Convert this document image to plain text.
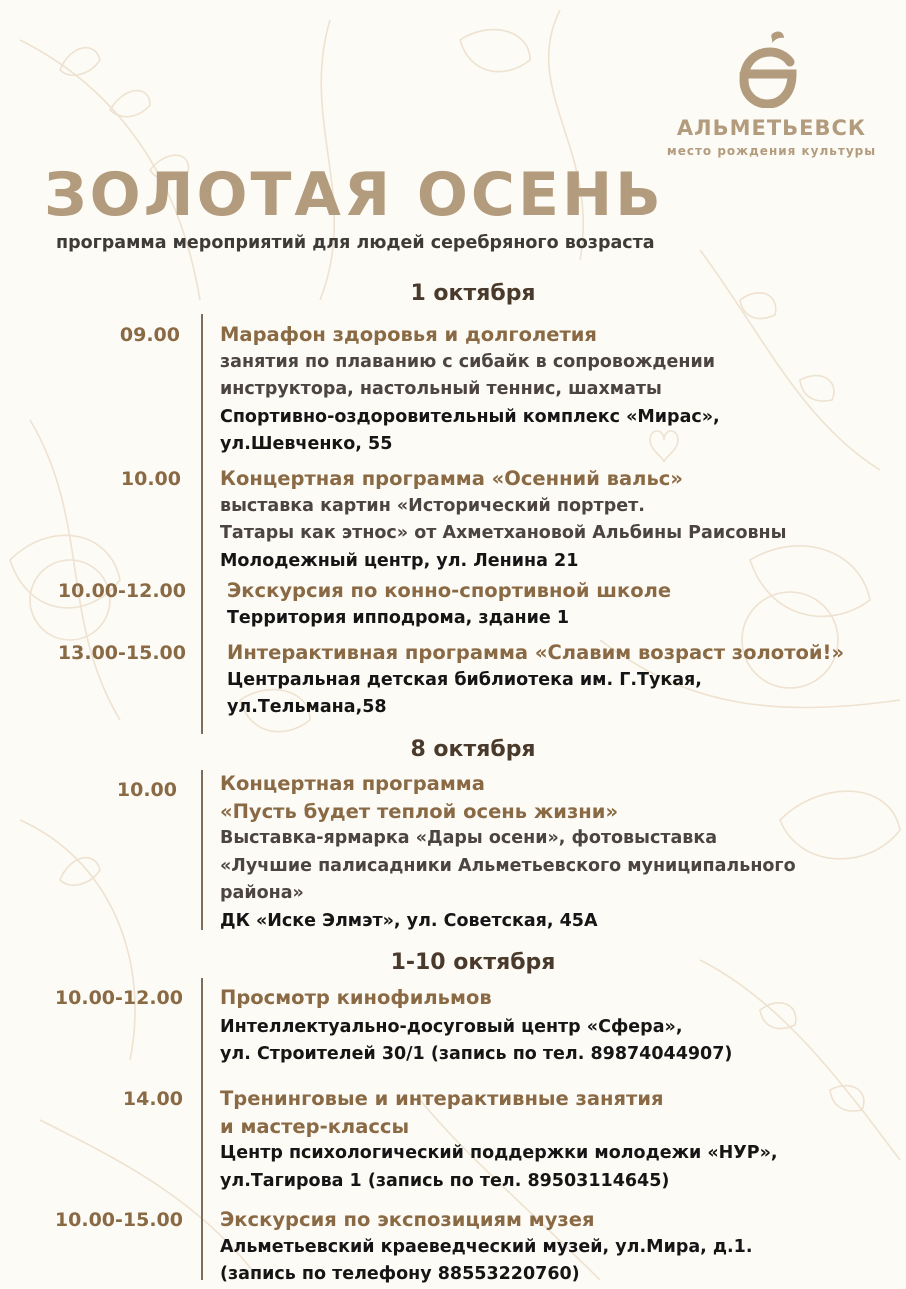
АЛЬМЕТЬЕВСК
место рождения культуры
ЗОЛОТАЯ ОСЕНЬ
программа мероприятий для людей серебряного возраста
1 октября
09.00 Марафон здоровья и долголетия
занятия по плаванию с сибайк в сопровождении
инструктора, настольный теннис, шахматы
Спортивно-оздоровительный комплекс «Мирас»,
ул.Шевченко, 55
10.00 Концертная программа «Осенний вальс»
выставка картин «Исторический портрет.
Татары как этнос» от Ахметхановой Альбины Раисовны
Молодежный центр, ул. Ленина 21
10.00-12.00 Экскурсия по конно-спортивной школе
Территория ипподрома, здание 1
13.00-15.00 Интерактивная программа «Славим возраст золотой!»
Центральная детская библиотека им. Г.Тукая,
ул.Тельмана,58
8 октября
10.00 Концертная программа
«Пусть будет теплой осень жизни»
Выставка-ярмарка «Дары осени», фотовыставка
«Лучшие палисадники Альметьевского муниципального
района»
ДК «Иске Элмэт», ул. Советская, 45А
1-10 октября
10.00-12.00 Просмотр кинофильмов
Интеллектуально-досуговый центр «Сфера»,
ул. Строителей 30/1 (запись по тел. 89874044907)
14.00 Тренинговые и интерактивные занятия
и мастер-классы
Центр психологический поддержки молодежи «НУР»,
ул.Тагирова 1 (запись по тел. 89503114645)
10.00-15.00 Экскурсия по экспозициям музея
Альметьевский краеведческий музей, ул.Мира, д.1.
(запись по телефону 88553220760)
